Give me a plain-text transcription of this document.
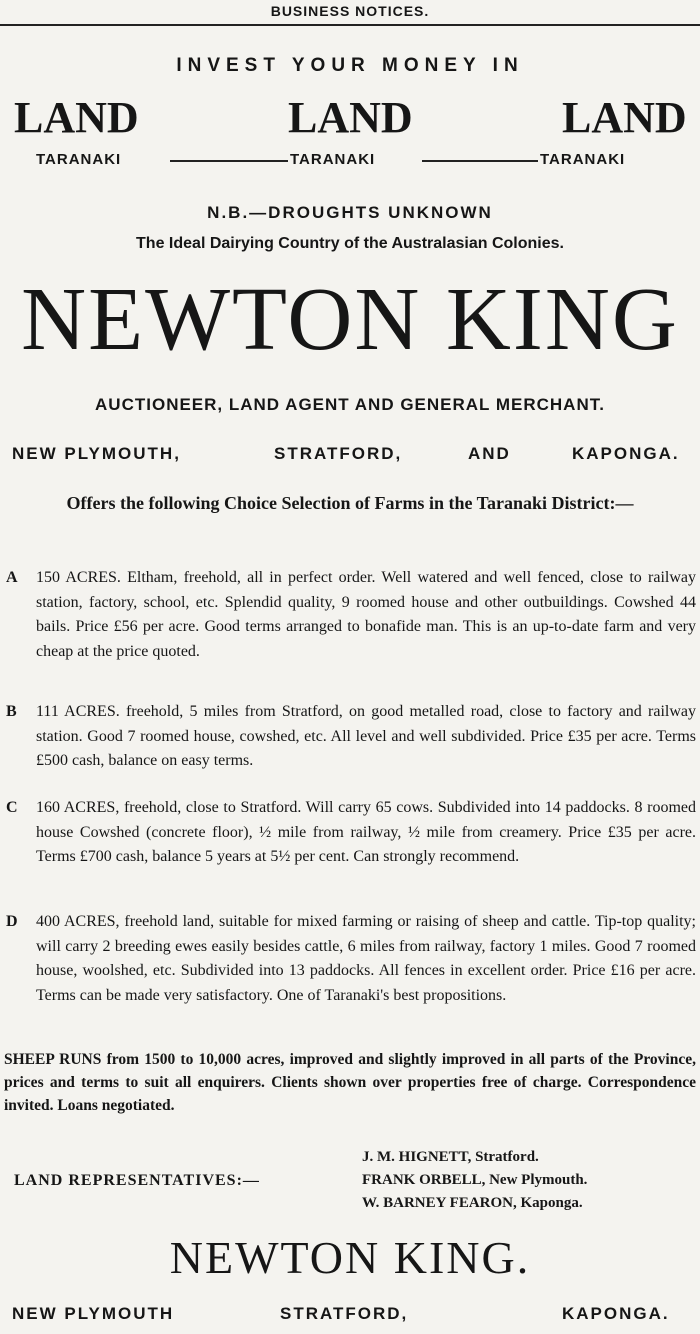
BUSINESS NOTICES.
INVEST YOUR MONEY IN
LAND	LAND	LAND
TARANAKI	TARANAKI	TARANAKI
N.B.—DROUGHTS UNKNOWN
The Ideal Dairying Country of the Australasian Colonies.
NEWTON KING
AUCTIONEER, LAND AGENT AND GENERAL MERCHANT.
NEW PLYMOUTH,	STRATFORD,	AND	KAPONGA.
Offers the following Choice Selection of Farms in the Taranaki District:—
A 150 ACRES. Eltham, freehold, all in perfect order. Well watered and well fenced, close to railway station, factory, school, etc. Splendid quality, 9 roomed house and other outbuildings. Cowshed 44 bails. Price £56 per acre. Good terms arranged to bonafide man. This is an up-to-date farm and very cheap at the price quoted.
B 111 ACRES. freehold, 5 miles from Stratford, on good metalled road, close to factory and railway station. Good 7 roomed house, cowshed, etc. All level and well subdivided. Price £35 per acre. Terms £500 cash, balance on easy terms.
C 160 ACRES, freehold, close to Stratford. Will carry 65 cows. Subdivided into 14 paddocks. 8 roomed house Cowshed (concrete floor), ½ mile from railway, ½ mile from creamery. Price £35 per acre. Terms £700 cash, balance 5 years at 5½ per cent. Can strongly recommend.
D 400 ACRES, freehold land, suitable for mixed farming or raising of sheep and cattle. Tip-top quality; will carry 2 breeding ewes easily besides cattle, 6 miles from railway, factory 1 miles. Good 7 roomed house, woolshed, etc. Subdivided into 13 paddocks. All fences in excellent order. Price £16 per acre. Terms can be made very satisfactory. One of Taranaki's best propositions.
SHEEP RUNS from 1500 to 10,000 acres, improved and slightly improved in all parts of the Province, prices and terms to suit all enquirers. Clients shown over properties free of charge. Correspondence invited. Loans negotiated.
LAND REPRESENTATIVES:—
J. M. HIGNETT, Stratford.
FRANK ORBELL, New Plymouth.
W. BARNEY FEARON, Kaponga.
NEWTON KING.
NEW PLYMOUTH	STRATFORD,	KAPONGA.
